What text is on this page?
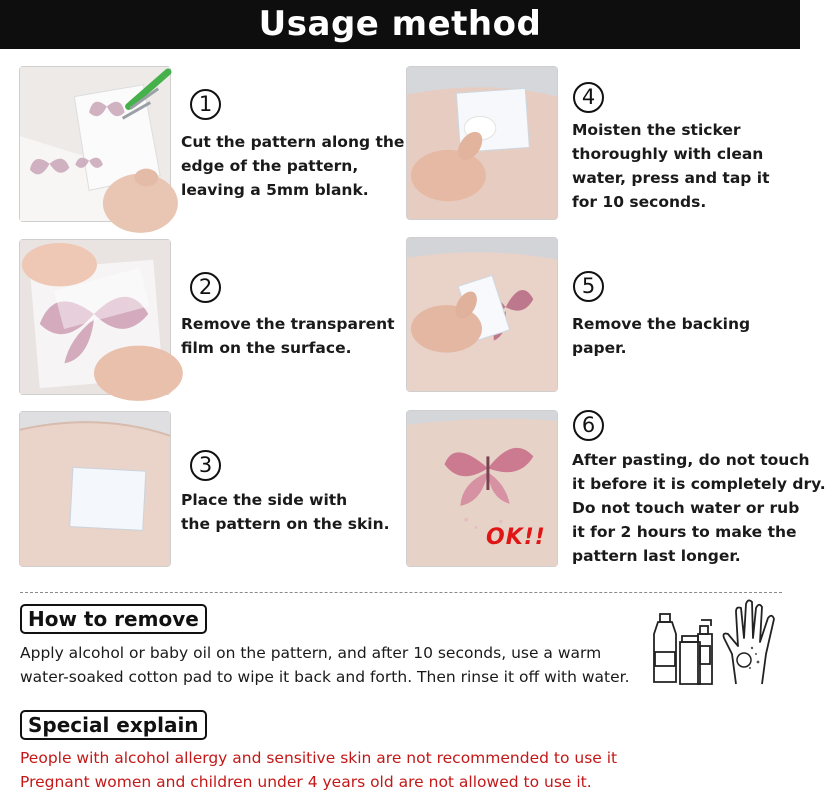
Usage method
1
Cut the pattern along the
edge of the pattern,
leaving a 5mm blank.
2
Remove the transparent
film on the surface.
3
Place the side with
the pattern on the skin.
4
Moisten the sticker
thoroughly with clean
water, press and tap it
for 10 seconds.
5
Remove the backing
paper.
OK!!
6
After pasting, do not touch
it before it is completely dry.
Do not touch water or rub
it for 2 hours to make the
pattern last longer.
How to remove
Apply alcohol or baby oil on the pattern, and after 10 seconds, use a warm
water-soaked cotton pad to wipe it back and forth. Then rinse it off with water.
Special explain
People with alcohol allergy and sensitive skin are not recommended to use it
Pregnant women and children under 4 years old are not allowed to use it.
